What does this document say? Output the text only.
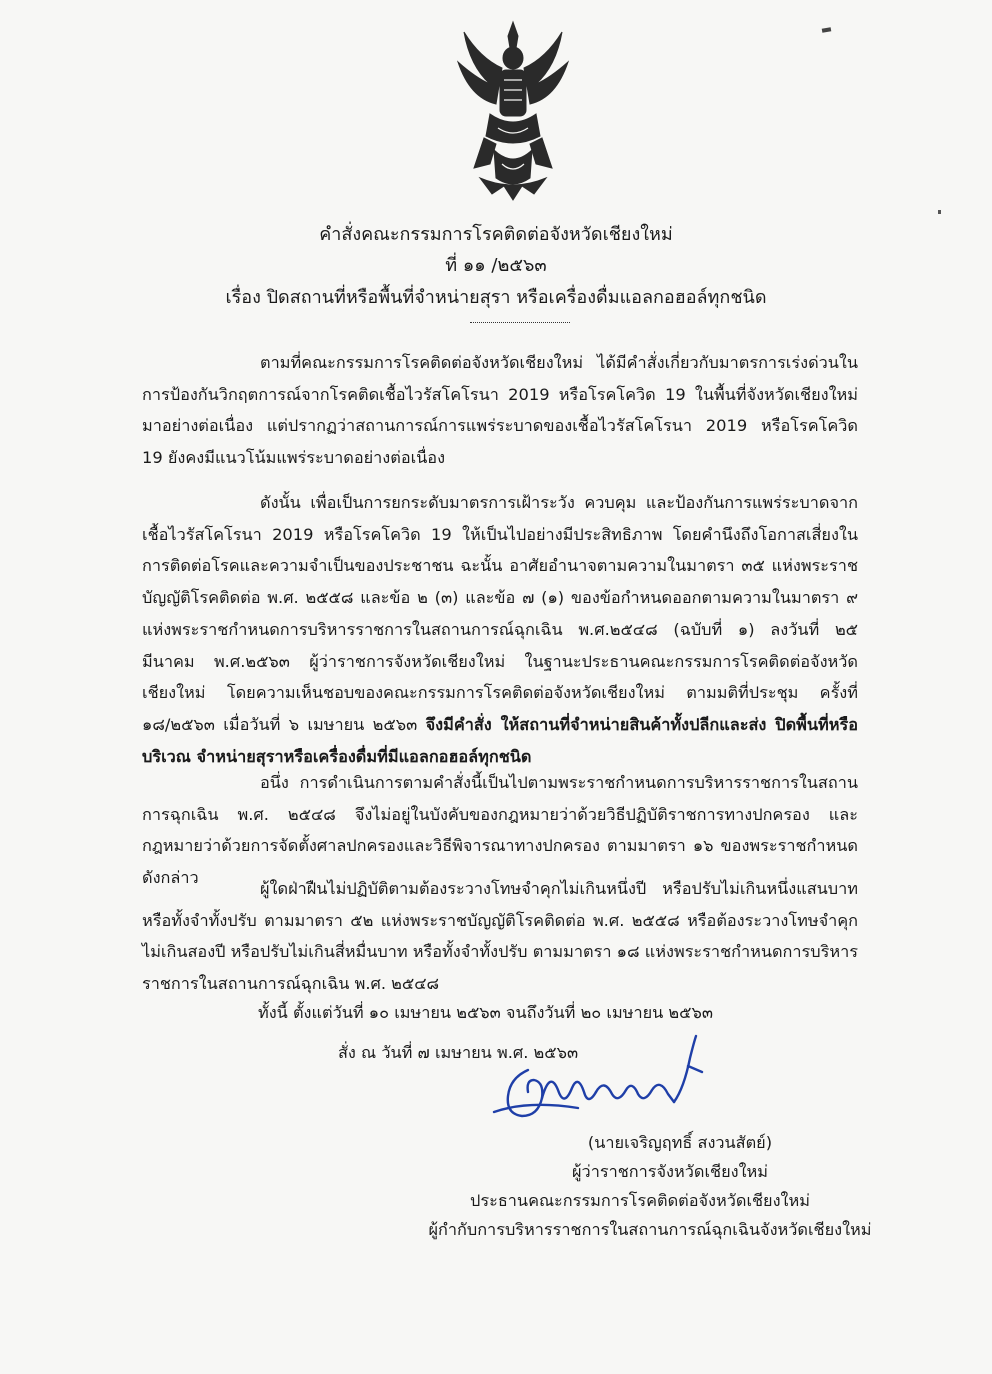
คำสั่งคณะกรรมการโรคติดต่อจังหวัดเชียงใหม่
ที่ ๑๑ /๒๕๖๓
เรื่อง ปิดสถานที่หรือพื้นที่จำหน่ายสุรา หรือเครื่องดื่มแอลกอฮอล์ทุกชนิด
ตามที่คณะกรรมการโรคติดต่อจังหวัดเชียงใหม่ ได้มีคำสั่งเกี่ยวกับมาตรการเร่งด่วนในการป้องกันวิกฤตการณ์จากโรคติดเชื้อไวรัสโคโรนา 2019 หรือโรคโควิด 19 ในพื้นที่จังหวัดเชียงใหม่ มาอย่างต่อเนื่อง แต่ปรากฏว่าสถานการณ์การแพร่ระบาดของเชื้อไวรัสโคโรนา 2019 หรือโรคโควิด 19 ยังคงมีแนวโน้มแพร่ระบาดอย่างต่อเนื่อง
ดังนั้น เพื่อเป็นการยกระดับมาตรการเฝ้าระวัง ควบคุม และป้องกันการแพร่ระบาดจากเชื้อไวรัสโคโรนา 2019 หรือโรคโควิด 19 ให้เป็นไปอย่างมีประสิทธิภาพ โดยคำนึงถึงโอกาสเสี่ยงในการติดต่อโรคและความจำเป็นของประชาชน ฉะนั้น อาศัยอำนาจตามความในมาตรา ๓๕ แห่งพระราชบัญญัติโรคติดต่อ พ.ศ. ๒๕๕๘ และข้อ ๒ (๓) และข้อ ๗ (๑) ของข้อกำหนดออกตามความในมาตรา ๙ แห่งพระราชกำหนดการบริหารราชการในสถานการณ์ฉุกเฉิน พ.ศ.๒๕๔๘ (ฉบับที่ ๑) ลงวันที่ ๒๕ มีนาคม พ.ศ.๒๕๖๓ ผู้ว่าราชการจังหวัดเชียงใหม่ ในฐานะประธานคณะกรรมการโรคติดต่อจังหวัดเชียงใหม่ โดยความเห็นชอบของคณะกรรมการโรคติดต่อจังหวัดเชียงใหม่ ตามมติที่ประชุม ครั้งที่ ๑๘/๒๕๖๓ เมื่อวันที่ ๖ เมษายน ๒๕๖๓ จึงมีคำสั่ง ให้สถานที่จำหน่ายสินค้าทั้งปลีกและส่ง ปิดพื้นที่หรือบริเวณ จำหน่ายสุราหรือเครื่องดื่มที่มีแอลกอฮอล์ทุกชนิด
อนึ่ง การดำเนินการตามคำสั่งนี้เป็นไปตามพระราชกำหนดการบริหารราชการในสถานการฉุกเฉิน พ.ศ. ๒๕๔๘ จึงไม่อยู่ในบังคับของกฎหมายว่าด้วยวิธีปฏิบัติราชการทางปกครอง และกฎหมายว่าด้วยการจัดตั้งศาลปกครองและวิธีพิจารณาทางปกครอง ตามมาตรา ๑๖ ของพระราชกำหนดดังกล่าว
ผู้ใดฝ่าฝืนไม่ปฏิบัติตามต้องระวางโทษจำคุกไม่เกินหนึ่งปี หรือปรับไม่เกินหนึ่งแสนบาทหรือทั้งจำทั้งปรับ ตามมาตรา ๕๒ แห่งพระราชบัญญัติโรคติดต่อ พ.ศ. ๒๕๕๘ หรือต้องระวางโทษจำคุกไม่เกินสองปี หรือปรับไม่เกินสี่หมื่นบาท หรือทั้งจำทั้งปรับ ตามมาตรา ๑๘ แห่งพระราชกำหนดการบริหารราชการในสถานการณ์ฉุกเฉิน พ.ศ. ๒๕๔๘
ทั้งนี้ ตั้งแต่วันที่ ๑๐ เมษายน ๒๕๖๓ จนถึงวันที่ ๒๐ เมษายน ๒๕๖๓
สั่ง ณ วันที่ ๗ เมษายน พ.ศ. ๒๕๖๓
(นายเจริญฤทธิ์ สงวนสัตย์)
ผู้ว่าราชการจังหวัดเชียงใหม่
ประธานคณะกรรมการโรคติดต่อจังหวัดเชียงใหม่
ผู้กำกับการบริหารราชการในสถานการณ์ฉุกเฉินจังหวัดเชียงใหม่
